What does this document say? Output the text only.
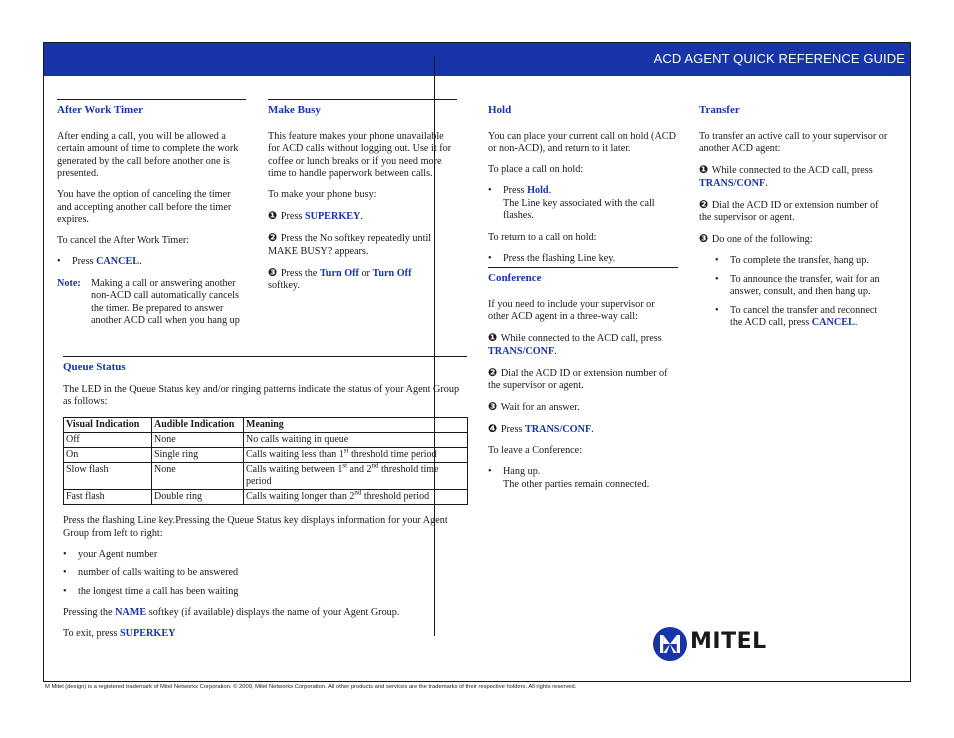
ACD AGENT QUICK REFERENCE GUIDE
After Work Timer

After ending a call, you will be allowed a certain amount of time to complete the work generated by the call before another one is presented.

You have the option of canceling the timer and accepting another call before the timer expires.

To cancel the After Work Timer:

• Press CANCEL.
Note:	Making a call or answering another non-ACD call automatically cancels the timer. Be prepared to answer another ACD call when you hang up
Make Busy

This feature makes your phone unavailable for ACD calls without logging out. Use it for coffee or lunch breaks or if you need more time to handle paperwork between calls.

To make your phone busy:

❶ Press SUPERKEY.

❷ Press the No softkey repeatedly until MAKE BUSY? appears.

❸ Press the Turn Off or Turn Off
softkey.

Queue Status

The LED in the Queue Status key and/or ringing patterns indicate the status of your Agent Group as follows:

Visual Indication	Audible Indication	Meaning
Off	None	No calls waiting in queue
On	Single ring	Calls waiting less than 1st threshold time period
Slow flash	None	Calls waiting between 1st and 2nd threshold time period
Fast flash	Double ring	Calls waiting longer than 2nd threshold period

Press the flashing Line key.Pressing the Queue Status key displays information for your Agent Group from left to right:

• your Agent number
• number of calls waiting to be answered
• the longest time a call has been waiting

Pressing the NAME softkey (if available) displays the name of your Agent Group.

To exit, press SUPERKEY

Hold

You can place your current call on hold (ACD or non-ACD), and return to it later.

To place a call on hold:

• Press Hold.
The Line key associated with the call flashes.

To return to a call on hold:

• Press the flashing Line key.
Conference

If you need to include your supervisor or other ACD agent in a three-way call:

❶ While connected to the ACD call, press TRANS/CONF.

❷ Dial the ACD ID or extension number of the supervisor or agent.

❸ Wait for an answer.

❹ Press TRANS/CONF.

To leave a Conference:

• Hang up.
The other parties remain connected.
Transfer

To transfer an active call to your supervisor or another ACD agent:

❶ While connected to the ACD call, press TRANS/CONF.

❷ Dial the ACD ID or extension number of the supervisor or agent.

❸ Do one of the following:

• To complete the transfer, hang up.
• To announce the transfer, wait for an answer, consult, and then hang up.
• To cancel the transfer and reconnect the ACD call, press CANCEL.
MITEL
M Mitel (design) is a registered trademark of Mitel Networks Corporation. © 2009, Mitel Networks Corporation. All other products and services are the trademarks of their respective holders. All rights reserved.
